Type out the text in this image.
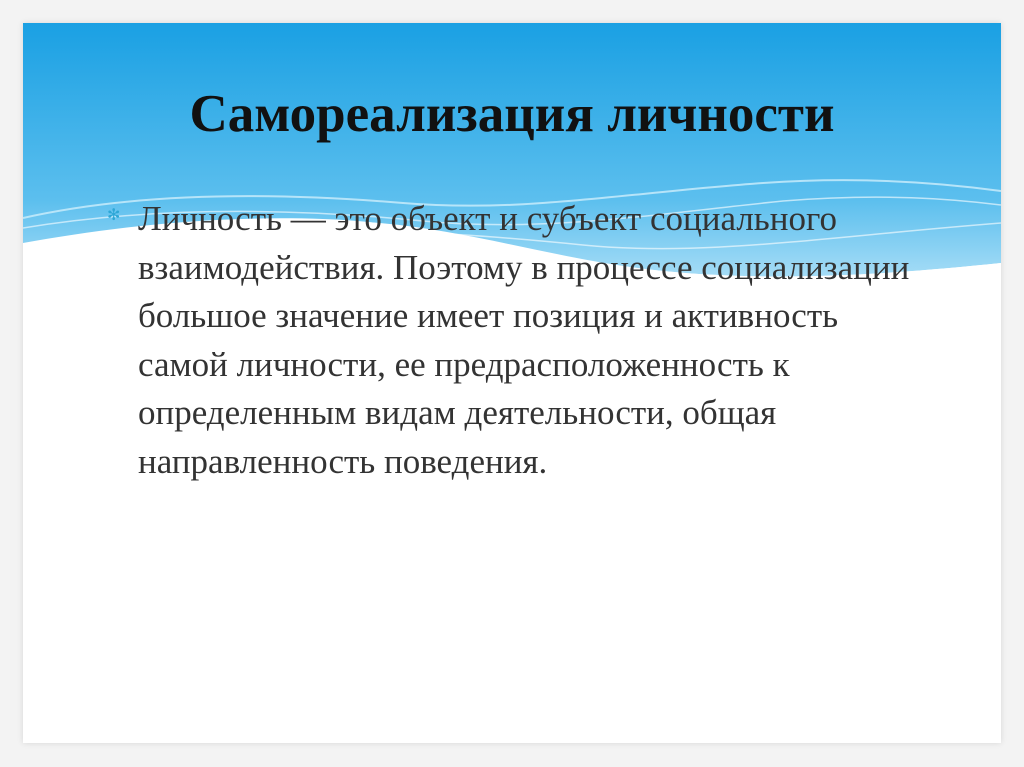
Самореализация личности
✻ Личность — это объект и субъект социального взаимодействия. Поэтому в процессе социализации большое значение имеет позиция и активность самой личности, ее предрасположенность к определенным видам деятельности, общая направленность поведения.
